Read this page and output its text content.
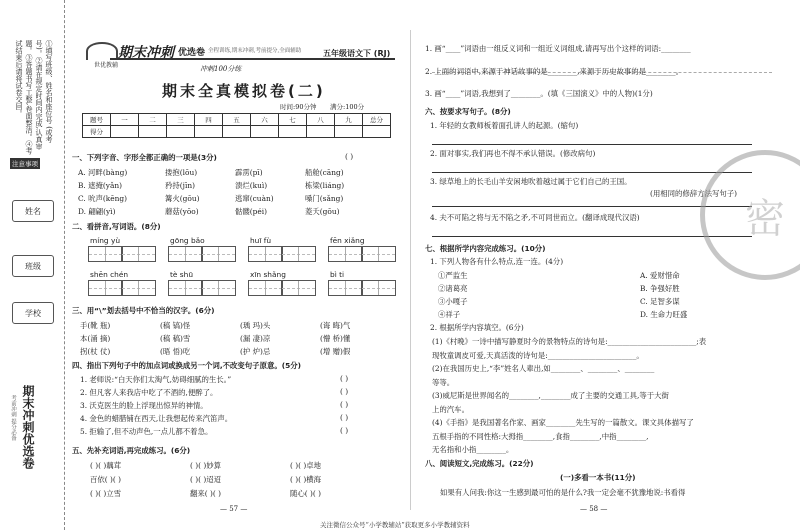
①填写班级、姓名和座位号 (或考号)。②请在规定时间内完成,认真审题。③答题书写工整,卷面整洁。④考试结束后请将试卷交回。
注意事项
姓名
班级
学校
期末冲刺优选卷
考前冲刺 提分必备
期末冲刺 优选卷
世优教辅
全程训练,期末冲刺,考前提分,全面辅助	五年级语文下 (RJ)
冲刺100分练
期末全真模拟卷(二)
时间:90分钟 满分:100分
题号	一	二	三	四	五	六	七	八	九	总分
得分										
一、下列字音、字形全都正确的一项是(3分)	( )
二、看拼音,写词语。(8分)
三、用“\”划去括号中不恰当的汉字。(6分)
四、指出下列句子中的加点词或换成另一个词,不改变句子原意。(5分)
五、先补充词语,再完成练习。(6分)
— 57 —
1. 画“____”词语由一组反义词和一组近义词组成,请再写出个这样的词语:________
2. 上面的词语中,来源于神话故事的是________,来源于历史故事的是________。
3. 画“____”词语,我想到了________。(填《三国演义》中的人物)(1分)
六、按要求写句子。(8分)
1. 年轻的女教师板着面孔讲人的起源。(缩句)
2. 面对事实,我们再也不得不承认错误。(修改病句)
3. 绿草地上的长毛山羊安闲地吹着越过属于它们自己的王国。
(用相同的修辞方法写句子)
4. 夫不可陷之将与无不陷之矛,不可同世而立。(翻译成现代汉语)
七、根据所学内容完成练习。(10分)
1. 下列人物各有什么特点,连一连。(4分)
2. 根据所学内容填空。(6分)
八、阅读短文,完成练习。(22分)
(一)多看一本书(11分)
如果有人问我:你这一生感到最可怕的是什么?我一定会毫不犹豫地说:书看得
— 58 —
关注微信公众号“小学教辅站”获取更多小学教辅资料
密
A. 河畔(bàng)	搂抱(lōu)	霹雳(pī)	船舱(cāng)
B. 遮掩(yǎn)	矜持(jīn)	溃烂(kuì)	栋梁(liáng)
C. 吮声(kēng)	篝火(gōu)	逃窜(cuàn)	嗓门(sǎng)
D. 翩翩(yì)	蘑菇(yōo)	骷髅(péi)	菱夭(gōu)
míng yù	gōng bǎo	huī fù	fēn xiǎng
shēn chén	tè shū	xīn shǎng	bì ti
手(靴 瓶)	(稿 镐)怪	(瑀 玛)头	(诲 晦)气
本(涌 摘)	(稿 稿)雪	(漏 凄)凉	(懵 桥)懂
拐(杖 仗)	(晤 悟)吃	(护 炉)忌	(增 赠)假
1. 老师说:“白天你们太淘气,妨碍细腻的生长。”	( )
2. 但凡客人来我店中吃了不酒的,便醉了。	( )
3. 沃克医生的脸上浮现出惊异的神情。	( )
4. 金色的蜡腊铺在西天,让我想起传来汽笛声。	( )
5. 拒输了,但不动声色,一点儿都不着急。	( )
( )( )藕茸	( )( )妙算	( )( )卓地
百依( )( )	( )( )迢迢	( )( )横海
( )( )立雪	翻来( )( )	随心( )( )
①严监生
②诸葛亮
③小嘎子
④祥子
A. 爱财惜命
B. 争强好胜
C. 足智多谋
D. 生命力旺盛
(1)《村晚》一诗中描写静夏时今的景物特点的诗句是:________________________;表
现牧童调皮可爱,天真活泼的诗句是:________________________。
(2)在我国历史上,“李”姓名人辈出,如________、________、________
等等。
(3)威尼斯是世界闻名的________,________成了主要的交通工具,等于大街
上的汽车。
(4)《手指》是我国著名作家、画家________先生写的一篇散文。课文具体描写了
五根手指的不同性格:大拇指________,食指________,中指________,
无名指和小指________。
